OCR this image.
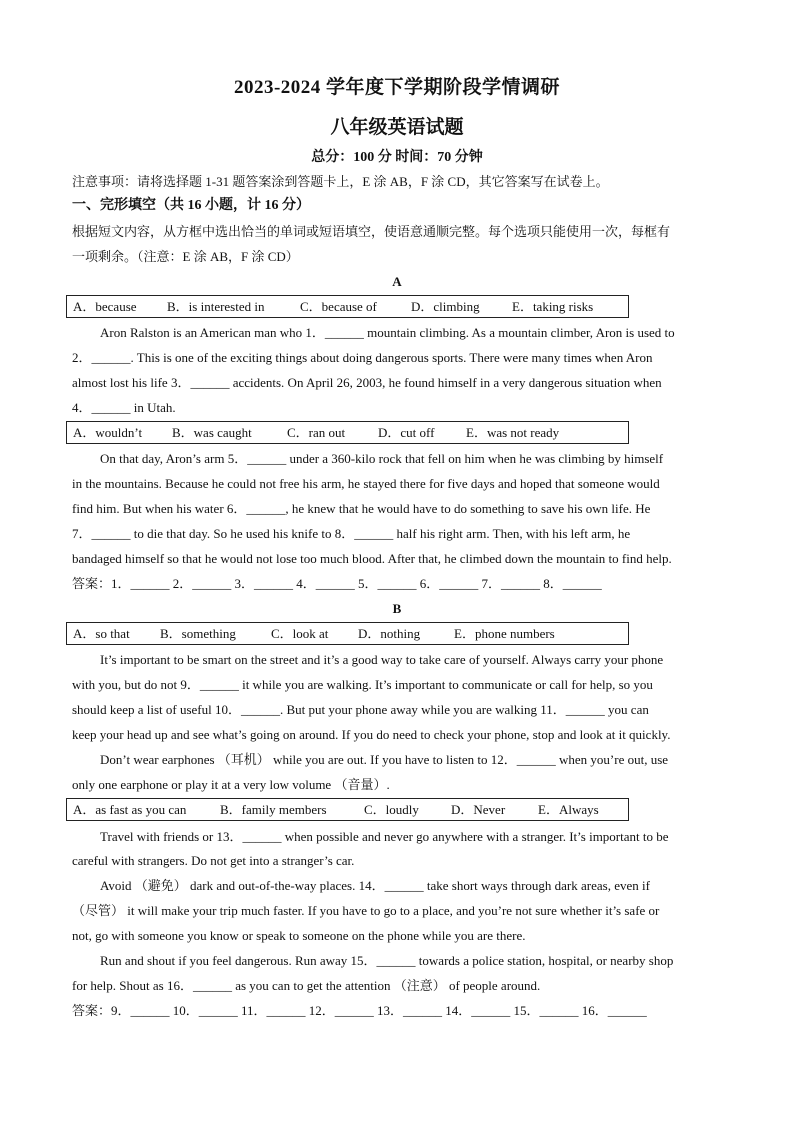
2023-2024 学年度下学期阶段学情调研
八年级英语试题
总分：100 分 时间：70 分钟
注意事项：请将选择题 1-31 题答案涂到答题卡上，E 涂 AB，F 涂 CD，其它答案写在试卷上。
一、完形填空（共 16 小题，计 16 分）
根据短文内容，从方框中选出恰当的单词或短语填空，使语意通顺完整。每个选项只能使用一次，每框有
一项剩余。（注意：E 涂 AB，F 涂 CD）
A
A．because B．is interested in	C．because of	D．climbing E．taking risks
Aron Ralston is an American man who 1．______ mountain climbing. As a mountain climber, Aron is used to
2．______. This is one of the exciting things about doing dangerous sports. There were many times when Aron
almost lost his life 3．______ accidents. On April 26, 2003, he found himself in a very dangerous situation when
4．______ in Utah.
A．wouldn’t B．was caught	C．ran out	D．cut off E．was not ready
On that day, Aron’s arm 5．______ under a 360-kilo rock that fell on him when he was climbing by himself
in the mountains. Because he could not free his arm, he stayed there for five days and hoped that someone would
find him. But when his water 6．______, he knew that he would have to do something to save his own life. He
7．______ to die that day. So he used his knife to 8．______ half his right arm. Then, with his left arm, he
bandaged himself so that he would not lose too much blood. After that, he climbed down the mountain to find help.
答案：1．______ 2．______ 3．______ 4．______ 5．______ 6．______ 7．______ 8．______
B
A．so that B．something	C．look at D．nothing	E．phone numbers
It’s important to be smart on the street and it’s a good way to take care of yourself. Always carry your phone
with you, but do not 9．______ it while you are walking. It’s important to communicate or call for help, so you
should keep a list of useful 10．______. But put your phone away while you are walking 11．______ you can
keep your head up and see what’s going on around. If you do need to check your phone, stop and look at it quickly.
Don’t wear earphones （耳机） while you are out. If you have to listen to 12．______ when you’re out, use
only one earphone or play it at a very low volume （音量）.
A．as fast as you can	B．family members	C．loudly D．Never	E．Always
Travel with friends or 13．______ when possible and never go anywhere with a stranger. It’s important to be
careful with strangers. Do not get into a stranger’s car.
Avoid （避免） dark and out-of-the-way places. 14．______ take short ways through dark areas, even if
（尽管） it will make your trip much faster. If you have to go to a place, and you’re not sure whether it’s safe or
not, go with someone you know or speak to someone on the phone while you are there.
Run and shout if you feel dangerous. Run away 15．______ towards a police station, hospital, or nearby shop
for help. Shout as 16．______ as you can to get the attention （注意） of people around.
答案：9．______ 10．______ 11．______ 12．______ 13．______ 14．______ 15．______ 16．______
